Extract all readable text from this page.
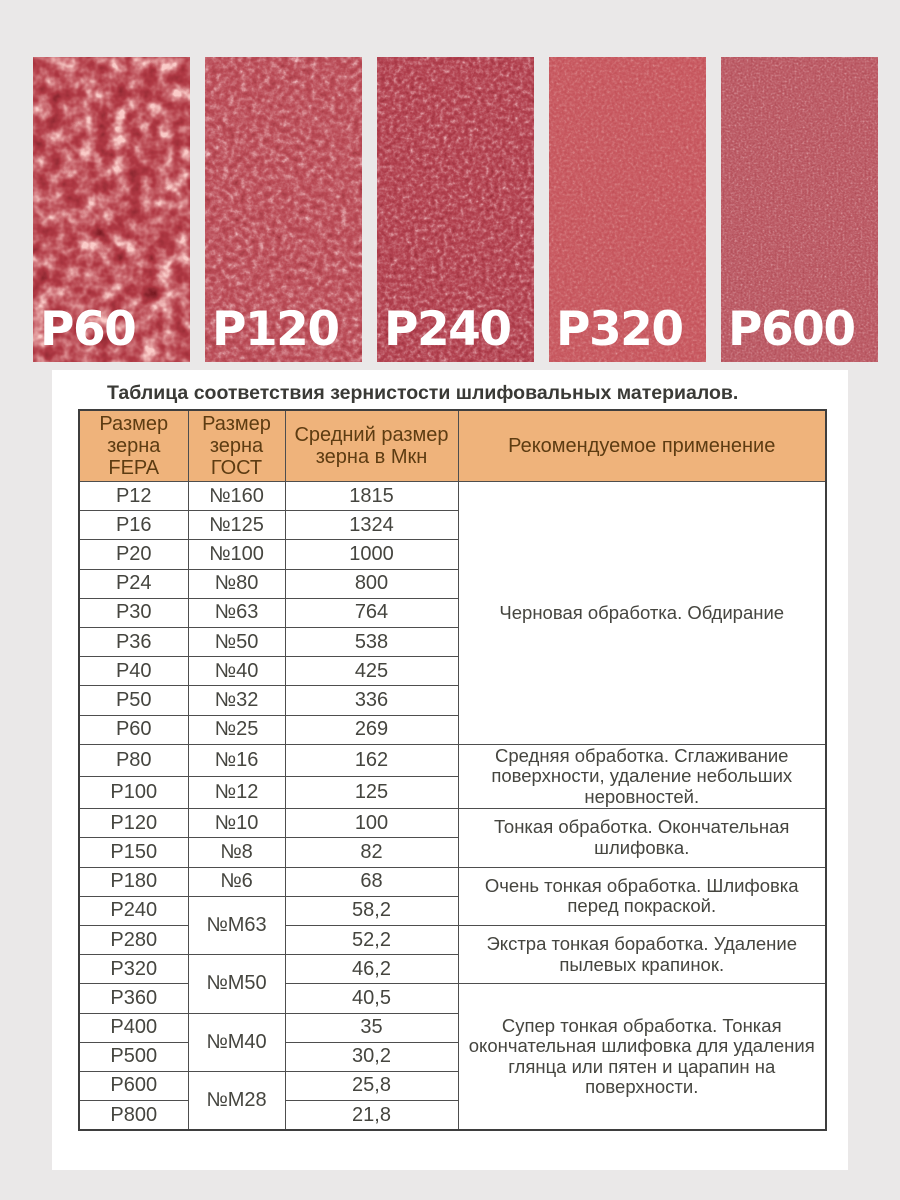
P60 P120 P240 P320 P600
Таблица соответствия зернистости шлифовальных материалов.
Размер зерна FEPA	Размер зерна ГОСТ	Средний размер зерна в Мкн	Рекомендуемое применение
P12	№160	1815	Черновая обработка. Обдирание
P16	№125	1324	
P20	№100	1000	
P24	№80	800	
P30	№63	764	
P36	№50	538	
P40	№40	425	
P50	№32	336	
P60	№25	269	
P80	№16	162	Средняя обработка. Сглаживание поверхности, удаление небольших неровностей.
P100	№12	125	
P120	№10	100	Тонкая обработка. Окончательная шлифовка.
P150	№8	82	
P180	№6	68	Очень тонкая обработка. Шлифовка перед покраской.
P240	№М63	58,2	
P280		52,2	Экстра тонкая боработка. Удаление пылевых крапинок.
P320	№М50	46,2	
P360		40,5	Супер тонкая обработка. Тонкая окончательная шлифовка для удаления глянца или пятен и царапин на поверхности.
P400	№М40	35	
P500		30,2	
P600	№М28	25,8	
P800		21,8	
